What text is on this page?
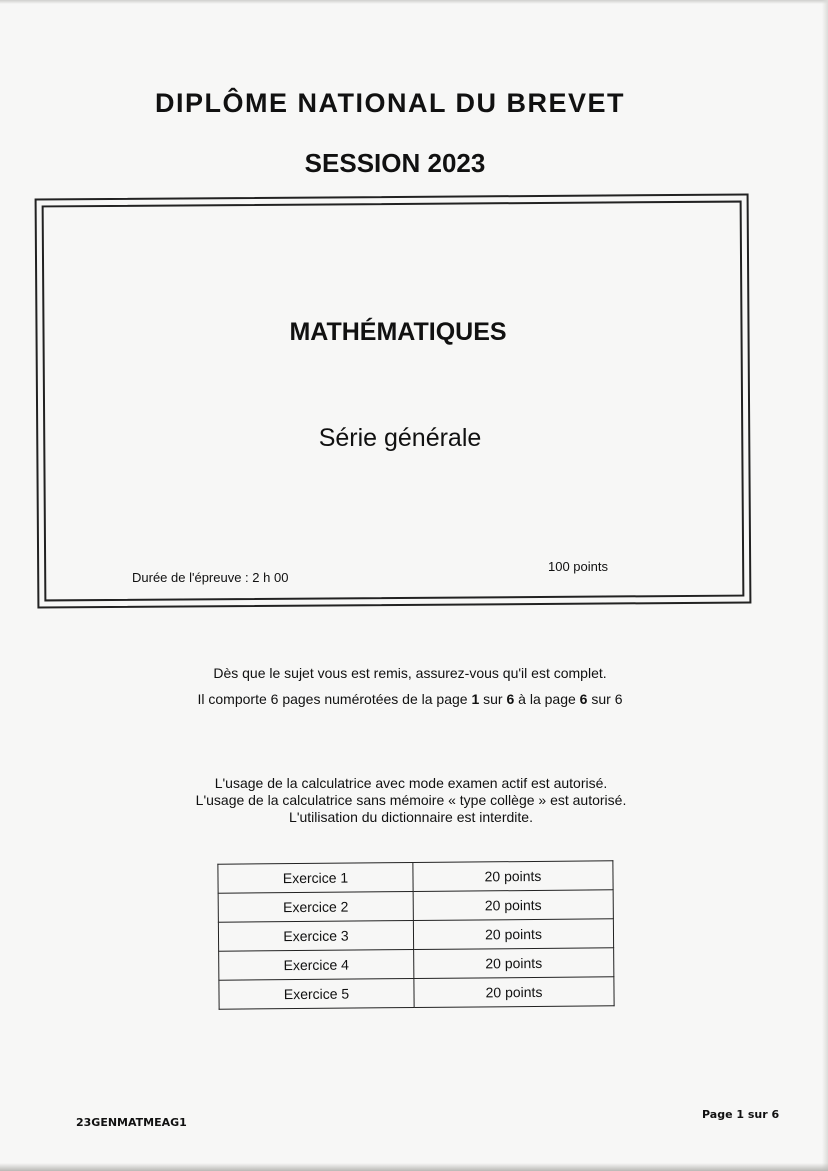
DIPLÔME NATIONAL DU BREVET
SESSION 2023
MATHÉMATIQUES
Série générale
Durée de l'épreuve : 2 h 00
100 points
Dès que le sujet vous est remis, assurez-vous qu'il est complet.
Il comporte 6 pages numérotées de la page 1 sur 6 à la page 6 sur 6
L'usage de la calculatrice avec mode examen actif est autorisé.
L'usage de la calculatrice sans mémoire « type collège » est autorisé.
L'utilisation du dictionnaire est interdite.
Exercice 1	20 points
Exercice 2	20 points
Exercice 3	20 points
Exercice 4	20 points
Exercice 5	20 points
23GENMATMEAG1
Page 1 sur 6
